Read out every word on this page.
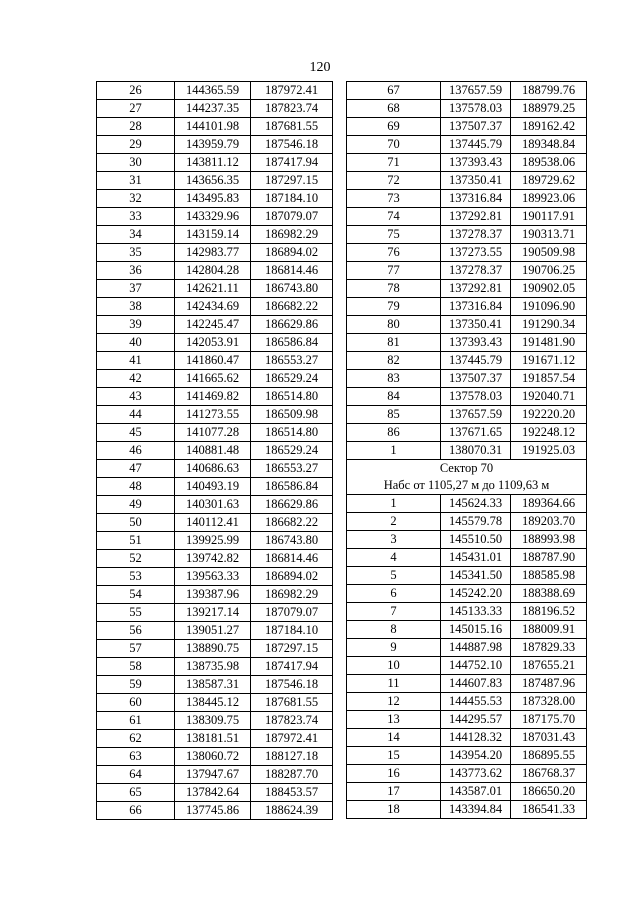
120
26	144365.59	187972.41
27	144237.35	187823.74
28	144101.98	187681.55
29	143959.79	187546.18
30	143811.12	187417.94
31	143656.35	187297.15
32	143495.83	187184.10
33	143329.96	187079.07
34	143159.14	186982.29
35	142983.77	186894.02
36	142804.28	186814.46
37	142621.11	186743.80
38	142434.69	186682.22
39	142245.47	186629.86
40	142053.91	186586.84
41	141860.47	186553.27
42	141665.62	186529.24
43	141469.82	186514.80
44	141273.55	186509.98
45	141077.28	186514.80
46	140881.48	186529.24
47	140686.63	186553.27
48	140493.19	186586.84
49	140301.63	186629.86
50	140112.41	186682.22
51	139925.99	186743.80
52	139742.82	186814.46
53	139563.33	186894.02
54	139387.96	186982.29
55	139217.14	187079.07
56	139051.27	187184.10
57	138890.75	187297.15
58	138735.98	187417.94
59	138587.31	187546.18
60	138445.12	187681.55
61	138309.75	187823.74
62	138181.51	187972.41
63	138060.72	188127.18
64	137947.67	188287.70
65	137842.64	188453.57
66	137745.86	188624.39
67	137657.59	188799.76
68	137578.03	188979.25
69	137507.37	189162.42
70	137445.79	189348.84
71	137393.43	189538.06
72	137350.41	189729.62
73	137316.84	189923.06
74	137292.81	190117.91
75	137278.37	190313.71
76	137273.55	190509.98
77	137278.37	190706.25
78	137292.81	190902.05
79	137316.84	191096.90
80	137350.41	191290.34
81	137393.43	191481.90
82	137445.79	191671.12
83	137507.37	191857.54
84	137578.03	192040.71
85	137657.59	192220.20
86	137671.65	192248.12
1	138070.31	191925.03
Сектор 70		
Набс от 1105,27 м до 1109,63 м		
1	145624.33	189364.66
2	145579.78	189203.70
3	145510.50	188993.98
4	145431.01	188787.90
5	145341.50	188585.98
6	145242.20	188388.69
7	145133.33	188196.52
8	145015.16	188009.91
9	144887.98	187829.33
10	144752.10	187655.21
11	144607.83	187487.96
12	144455.53	187328.00
13	144295.57	187175.70
14	144128.32	187031.43
15	143954.20	186895.55
16	143773.62	186768.37
17	143587.01	186650.20
18	143394.84	186541.33
